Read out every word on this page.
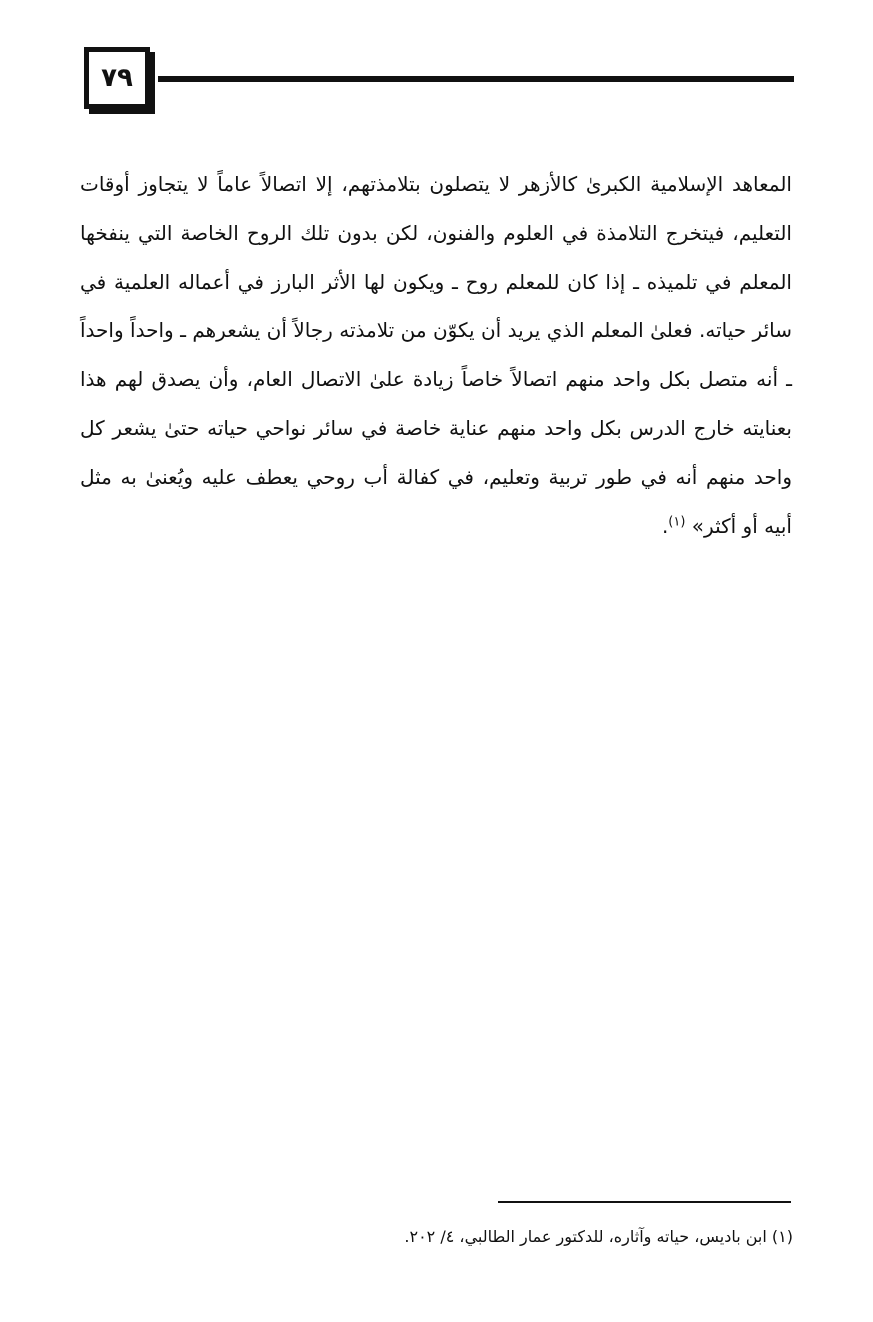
٧٩

المعاهد الإسلامية الكبرىٰ كالأزهر لا يتصلون بتلامذتهم، إلا اتصالاً عاماً لا يتجاوز أوقات التعليم، فيتخرج التلامذة في العلوم والفنون، لكن بدون تلك الروح الخاصة التي ينفخها المعلم في تلميذه ـ إذا كان للمعلم روح ـ ويكون لها الأثر البارز في أعماله العلمية في سائر حياته. فعلىٰ المعلم الذي يريد أن يكوّن من تلامذته رجالاً أن يشعرهم ـ واحداً واحداً ـ أنه متصل بكل واحد منهم اتصالاً خاصاً زيادة علىٰ الاتصال العام، وأن يصدق لهم هذا بعنايته خارج الدرس بكل واحد منهم عناية خاصة في سائر نواحي حياته حتىٰ يشعر كل واحد منهم أنه في طور تربية وتعليم، في كفالة أب روحي يعطف عليه ويُعنىٰ به مثل أبيه أو أكثر» $^{(١)}$.

(١) ابن باديس، حياته وآثاره، للدكتور عمار الطالبي، ٤/ ٢٠٢.
